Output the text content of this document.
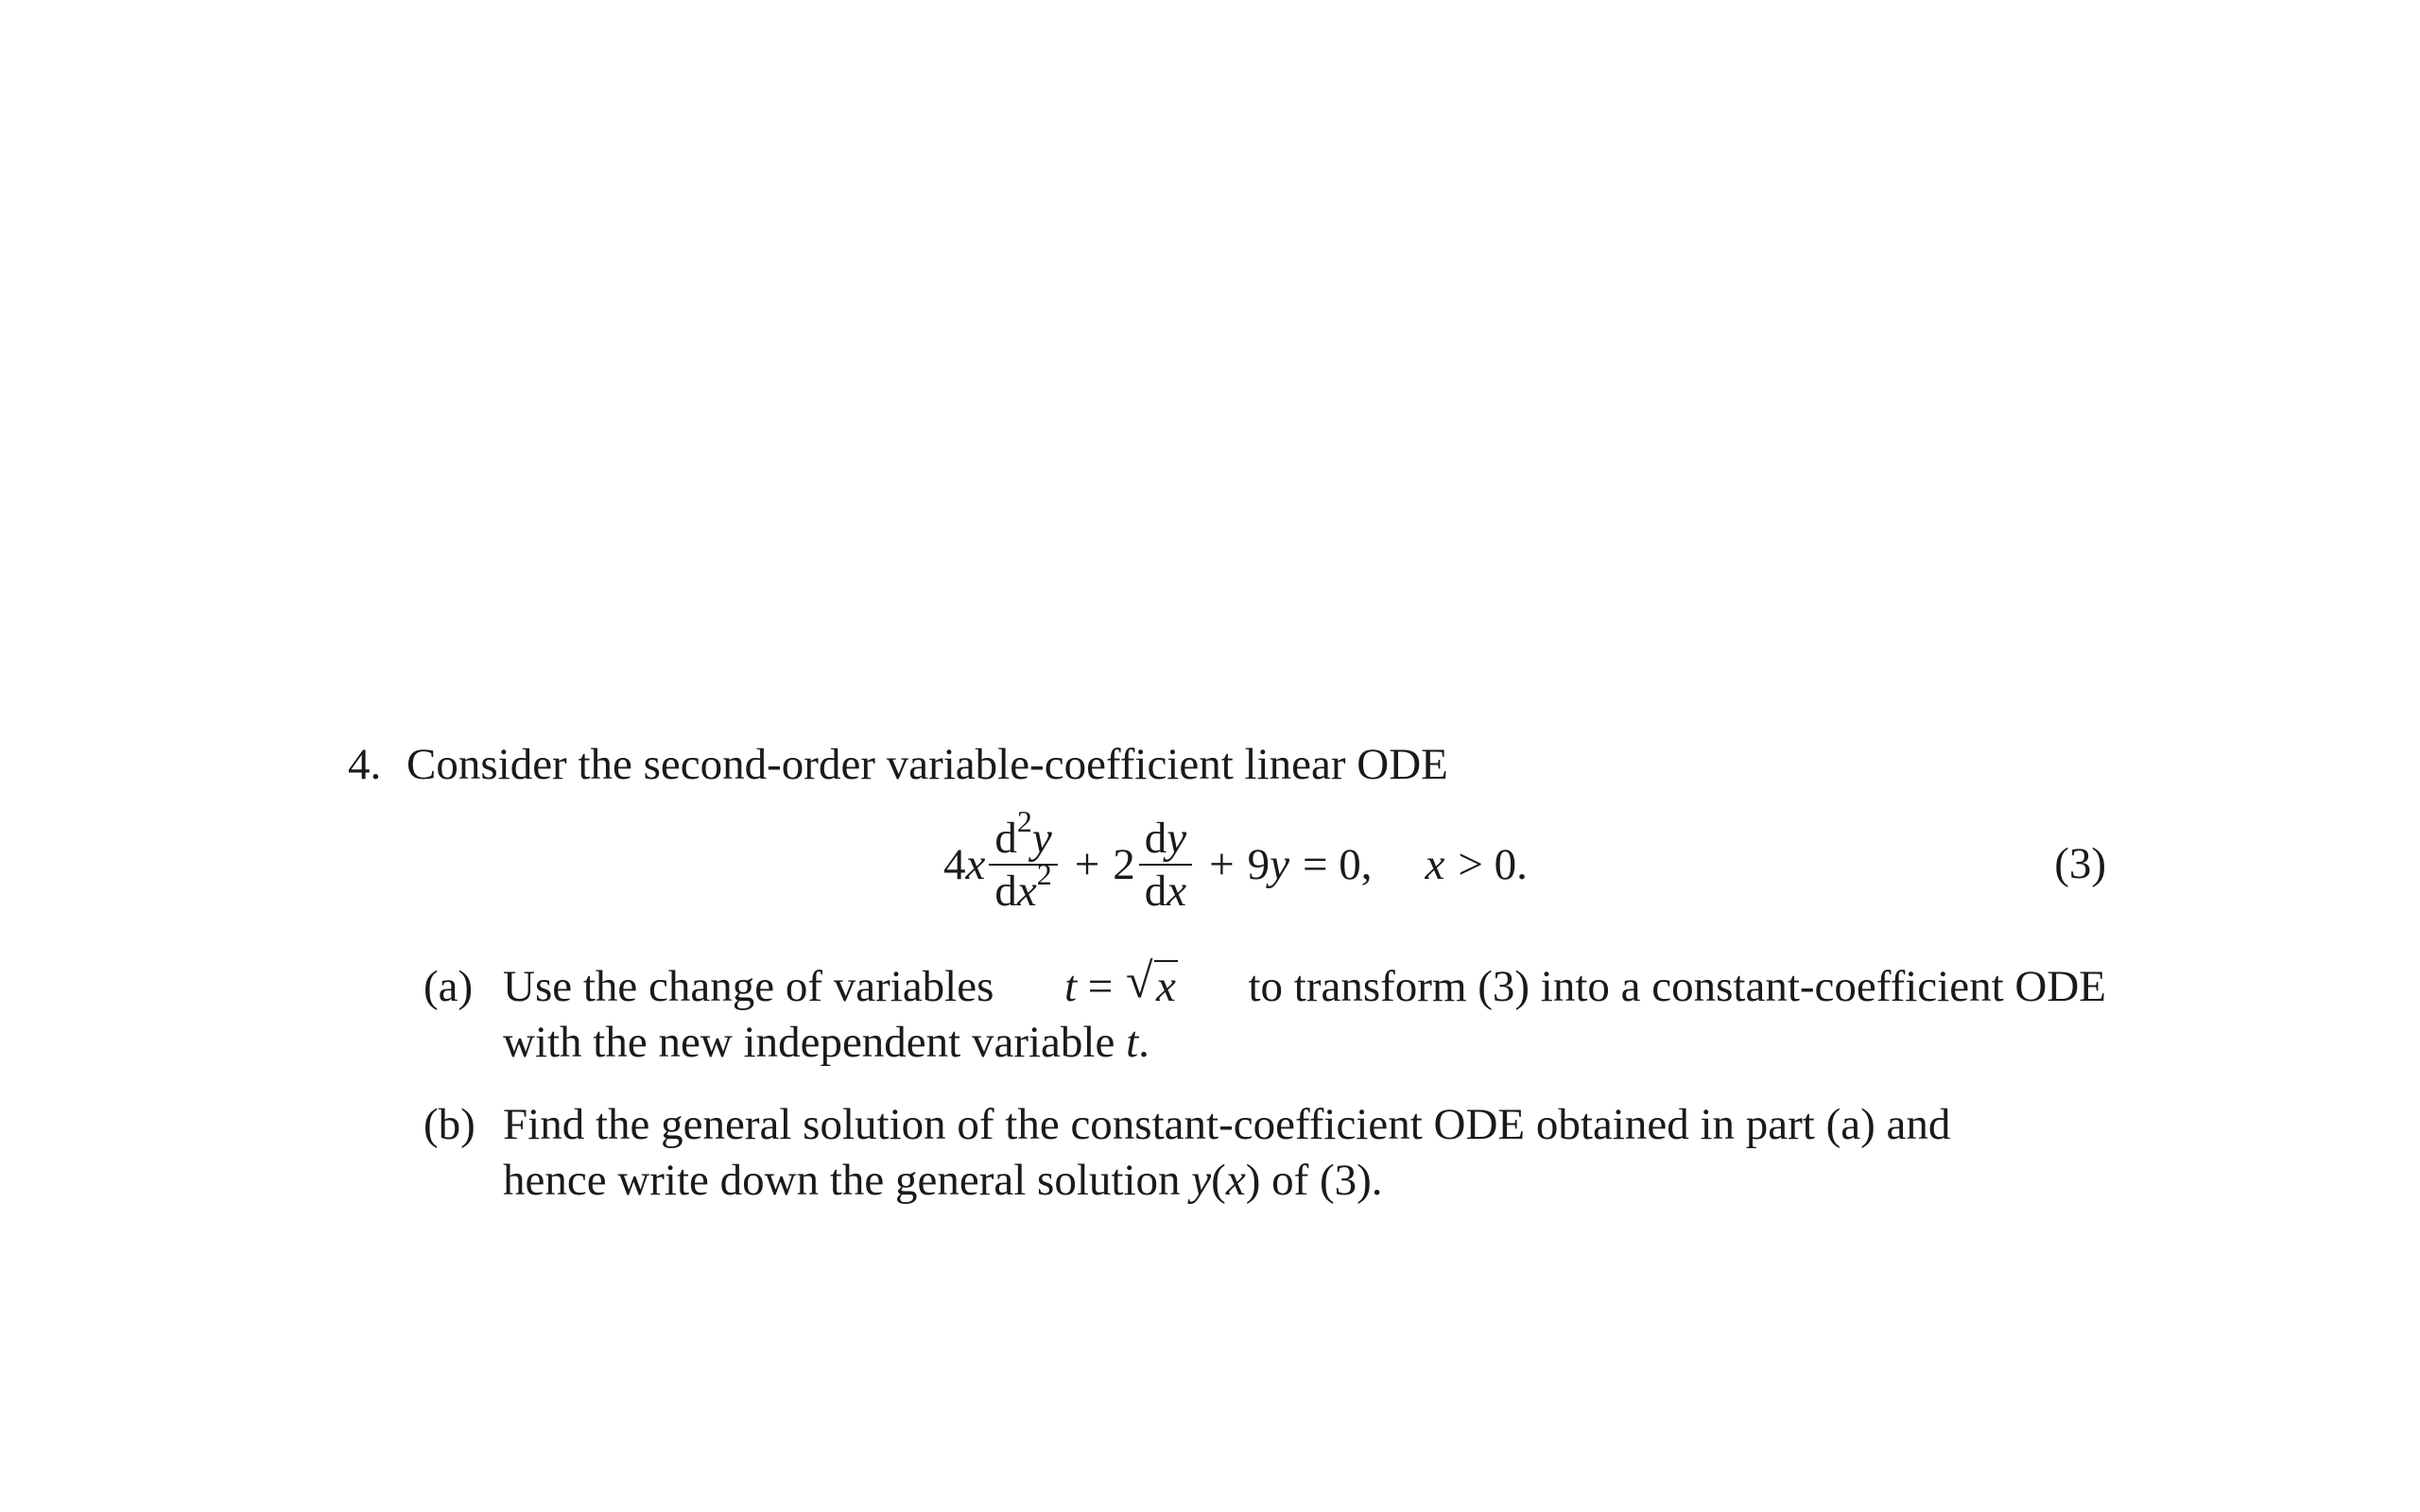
4. Consider the second-order variable-coefficient linear ODE
4 x $\frac{d^2y}{dx^2} + 2 \frac{dy}{dx} + 9$ y = 0, x > 0.	(3)
(a) Use the change of variables t = √ x to transform (3) into a constant-coefficient ODE
with the new independent variable t.
(b) Find the general solution of the constant-coefficient ODE obtained in part (a) and
hence write down the general solution y(x) of (3).
